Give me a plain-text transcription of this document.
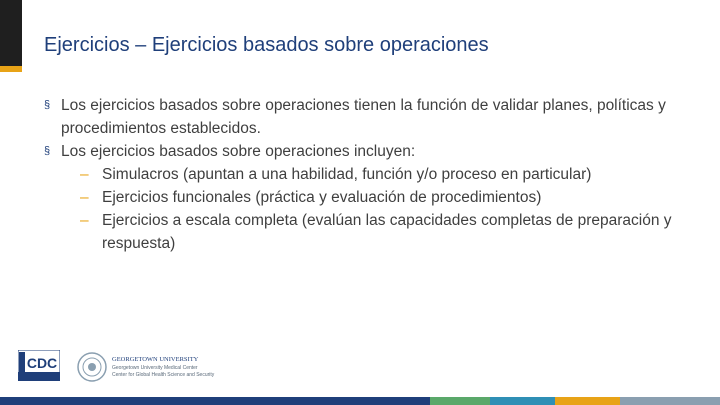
Ejercicios – Ejercicios basados sobre operaciones
§ Los ejercicios basados sobre operaciones tienen la función de validar planes, políticas y procedimientos establecidos.
§ Los ejercicios basados sobre operaciones incluyen:
– Simulacros (apuntan a una habilidad, función y/o proceso en particular)
– Ejercicios funcionales (práctica y evaluación de procedimientos)
– Ejercicios a escala completa (evalúan las capacidades completas de preparación y respuesta)
CDC	GEORGETOWN UNIVERSITY
Georgetown University Medical Center
Center for Global Health Science and Security
